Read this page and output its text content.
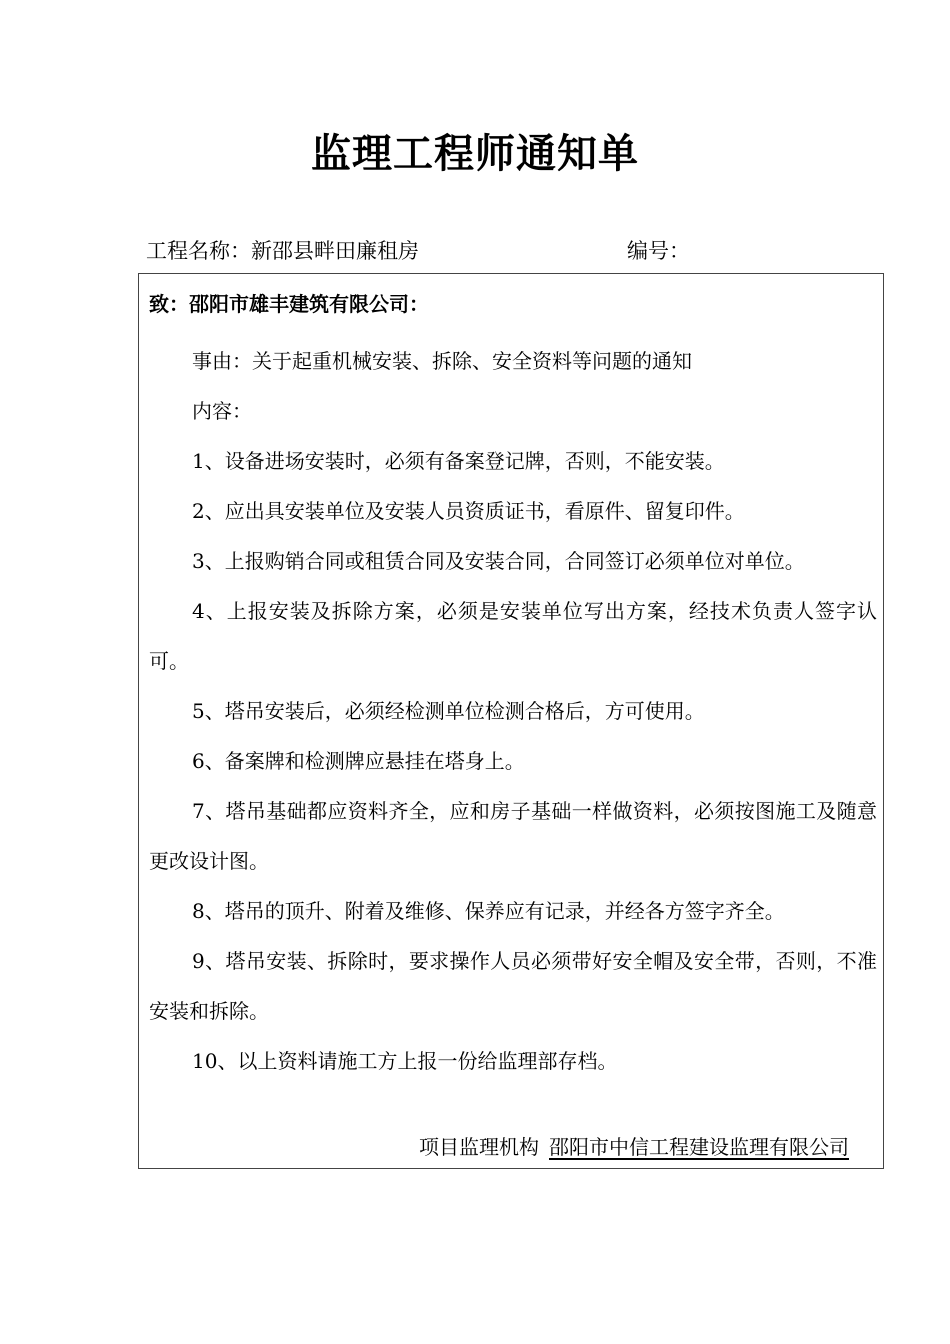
监理工程师通知单
工程名称：新邵县畔田廉租房	编号：
致：邵阳市雄丰建筑有限公司：

事由：关于起重机械安装、拆除、安全资料等问题的通知

内容：

1、设备进场安装时，必须有备案登记牌，否则，不能安装。

2、应出具安装单位及安装人员资质证书，看原件、留复印件。

3、上报购销合同或租赁合同及安装合同，合同签订必须单位对单位。

4、上报安装及拆除方案，必须是安装单位写出方案，经技术负责人签字认可。

5、塔吊安装后，必须经检测单位检测合格后，方可使用。

6、备案牌和检测牌应悬挂在塔身上。

7、塔吊基础都应资料齐全，应和房子基础一样做资料，必须按图施工及随意更改设计图。

8、塔吊的顶升、附着及维修、保养应有记录，并经各方签字齐全。

9、塔吊安装、拆除时，要求操作人员必须带好安全帽及安全带，否则，不准安装和拆除。

10、以上资料请施工方上报一份给监理部存档。

项目监理机构 邵阳市中信工程建设监理有限公司
